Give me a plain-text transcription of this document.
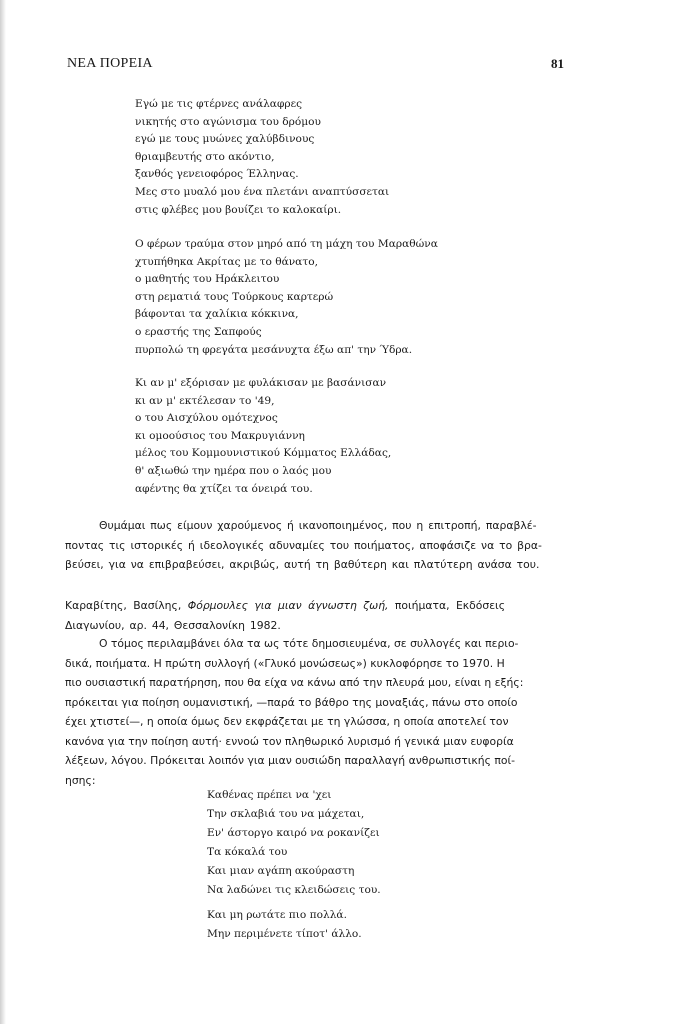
ΝΕΑ ΠΟΡΕΙΑ	81
Εγώ με τις φτέρνες ανάλαφρες
νικητής στο αγώνισμα του δρόμου
εγώ με τους μυώνες χαλύβδινους
θριαμβευτής στο ακόντιο,
ξανθός γενειοφόρος Έλληνας.
Μες στο μυαλό μου ένα πλετάνι αναπτύσσεται
στις φλέβες μου βουίζει το καλοκαίρι.
Ο φέρων τραύμα στον μηρό από τη μάχη του Μαραθώνα
χτυπήθηκα Ακρίτας με το θάνατο,
ο μαθητής του Ηράκλειτου
στη ρεματιά τους Τούρκους καρτερώ
βάφονται τα χαλίκια κόκκινα,
ο εραστής της Σαπφούς
πυρπολώ τη φρεγάτα μεσάνυχτα έξω απ' την Ύδρα.
Κι αν μ' εξόρισαν με φυλάκισαν με βασάνισαν
κι αν μ' εκτέλεσαν το '49,
ο του Αισχύλου ομότεχνος
κι ομοούσιος του Μακρυγιάννη
μέλος του Κομμουνιστικού Κόμματος Ελλάδας,
θ' αξιωθώ την ημέρα που ο λαός μου
αφέντης θα χτίζει τα όνειρά του.
Θυμάμαι πως είμουν χαρούμενος ή ικανοποιημένος, που η επιτροπή, παραβλέ-
ποντας τις ιστορικές ή ιδεολογικές αδυναμίες του ποιήματος, αποφάσιζε να το βρα-
βεύσει, για να επιβραβεύσει, ακριβώς, αυτή τη βαθύτερη και πλατύτερη ανάσα του.
Καραβίτης, Βασίλης, Φόρμουλες για μιαν άγνωστη ζωή, ποιήματα, Εκδόσεις
Διαγωνίου, αρ. 44, Θεσσαλονίκη 1982.
Ο τόμος περιλαμβάνει όλα τα ως τότε δημοσιευμένα, σε συλλογές και περιο-
δικά, ποιήματα. Η πρώτη συλλογή («Γλυκό μονώσεως») κυκλοφόρησε το 1970. Η
πιο ουσιαστική παρατήρηση, που θα είχα να κάνω από την πλευρά μου, είναι η εξής:
πρόκειται για ποίηση ουμανιστική, —παρά το βάθρο της μοναξιάς, πάνω στο οποίο
έχει χτιστεί—, η οποία όμως δεν εκφράζεται με τη γλώσσα, η οποία αποτελεί τον
κανόνα για την ποίηση αυτή· εννοώ τον πληθωρικό λυρισμό ή γενικά μιαν ευφορία
λέξεων, λόγου. Πρόκειται λοιπόν για μιαν ουσιώδη παραλλαγή ανθρωπιστικής ποί-
ησης:
Καθένας πρέπει να 'χει
Την σκλαβιά του να μάχεται,
Εν' άστοργο καιρό να ροκανίζει
Τα κόκαλά του
Και μιαν αγάπη ακούραστη
Να λαδώνει τις κλειδώσεις του.
Και μη ρωτάτε πιο πολλά.
Μην περιμένετε τίποτ' άλλο.
